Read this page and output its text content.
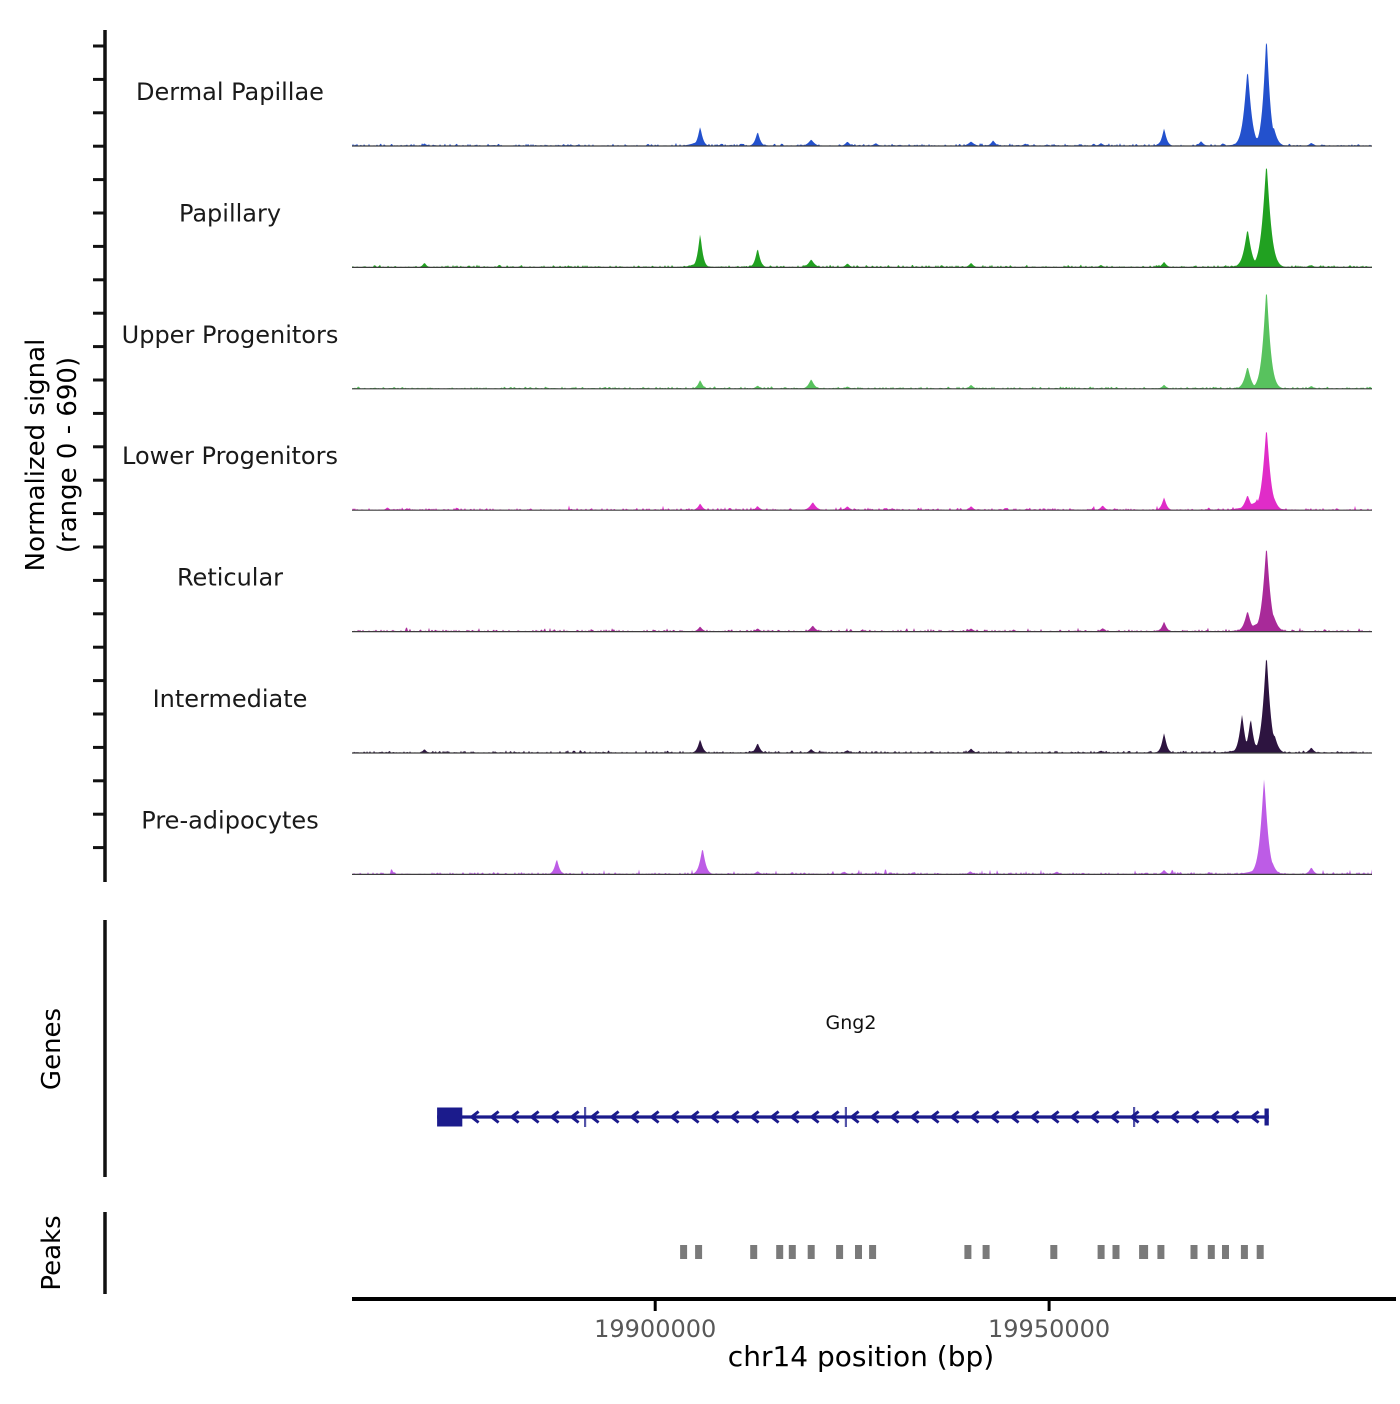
Normalized signal (range 0 - 690)
Genes
Peaks
Dermal Papillae
Papillary
Upper Progenitors
Lower Progenitors
Reticular
Intermediate
Pre-adipocytes
Gng2
chr14 position (bp)
19900000	19950000
